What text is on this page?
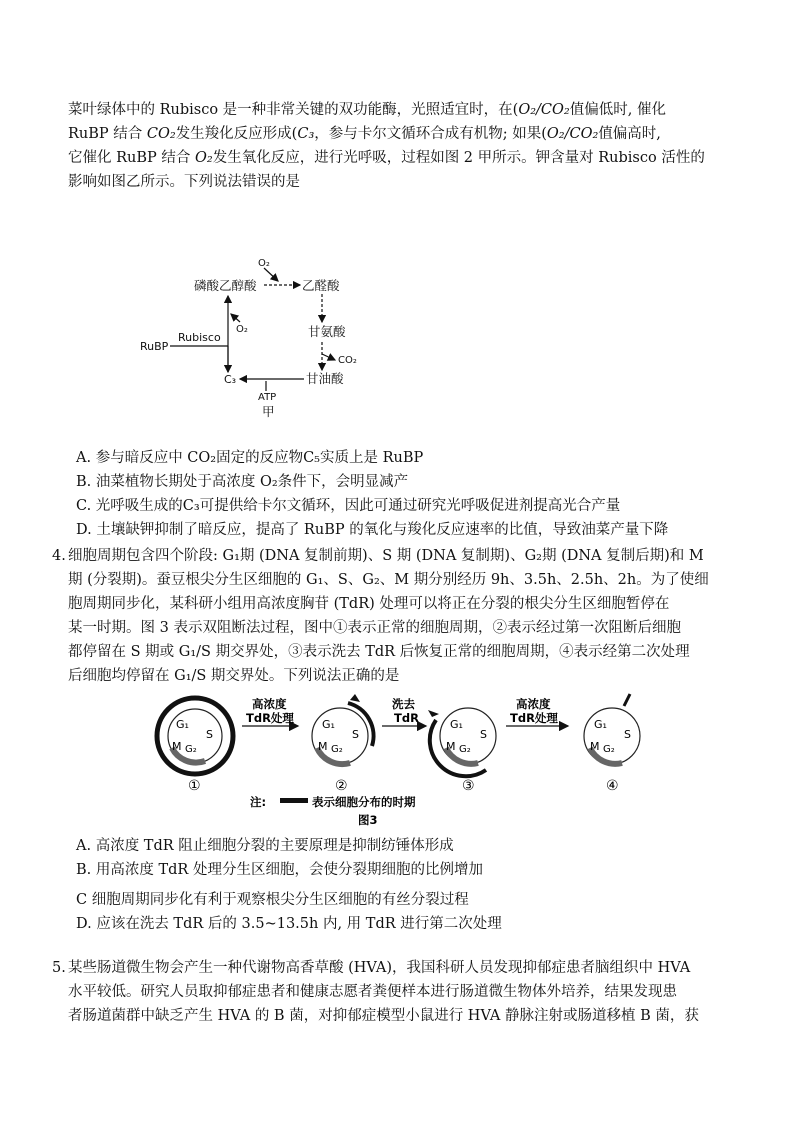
菜叶绿体中的 Rubisco 是一种非常关键的双功能酶，光照适宜时，在(O₂/CO₂值偏低时, 催化
RuBP 结合 CO₂发生羧化反应形成(C₃，参与卡尔文循环合成有机物; 如果(O₂/CO₂值偏高时,
它催化 RuBP 结合 O₂发生氧化反应，进行光呼吸，过程如图 2 甲所示。钾含量对 Rubisco 活性的
影响如图乙所示。下列说法错误的是
O₂
磷酸乙醇酸	乙醛酸
O₂	甘氨酸
Rubisco
RuBP
CO₂
C₃	甘油酸
ATP
甲
A. 参与暗反应中 CO₂固定的反应物C₅实质上是 RuBP
B. 油菜植物长期处于高浓度 O₂条件下，会明显减产
C. 光呼吸生成的C₃可提供给卡尔文循环，因此可通过研究光呼吸促进剂提高光合产量
D. 土壤缺钾抑制了暗反应，提高了 RuBP 的氧化与羧化反应速率的比值，导致油菜产量下降
4. 细胞周期包含四个阶段: G₁期 (DNA 复制前期)、S 期 (DNA 复制期)、G₂期 (DNA 复制后期)和 M
期 (分裂期)。蚕豆根尖分生区细胞的 G₁、S、G₂、M 期分别经历 9h、3.5h、2.5h、2h。为了使细
胞周期同步化，某科研小组用高浓度胸苷 (TdR) 处理可以将正在分裂的根尖分生区细胞暂停在
某一时期。图 3 表示双阻断法过程，图中①表示正常的细胞周期，②表示经过第一次阻断后细胞
都停留在 S 期或 G₁/S 期交界处，③表示洗去 TdR 后恢复正常的细胞周期，④表示经第二次处理
后细胞均停留在 G₁/S 期交界处。下列说法正确的是
G₁
S
M G₂
①
高浓度
TdR处理	G₁
S
M G₂
②
洗去
TdR	G₁
S
M G₂
③
高浓度
TdR处理	G₁
S
M G₂
④
注:	表示细胞分布的时期
图3
A. 高浓度 TdR 阻止细胞分裂的主要原理是抑制纺锤体形成
B. 用高浓度 TdR 处理分生区细胞，会使分裂期细胞的比例增加
C 细胞周期同步化有利于观察根尖分生区细胞的有丝分裂过程
D. 应该在洗去 TdR 后的 3.5~13.5h 内, 用 TdR 进行第二次处理
5. 某些肠道微生物会产生一种代谢物高香草酸 (HVA)，我国科研人员发现抑郁症患者脑组织中 HVA
水平较低。研究人员取抑郁症患者和健康志愿者粪便样本进行肠道微生物体外培养，结果发现患
者肠道菌群中缺乏产生 HVA 的 B 菌，对抑郁症模型小鼠进行 HVA 静脉注射或肠道移植 B 菌，获
